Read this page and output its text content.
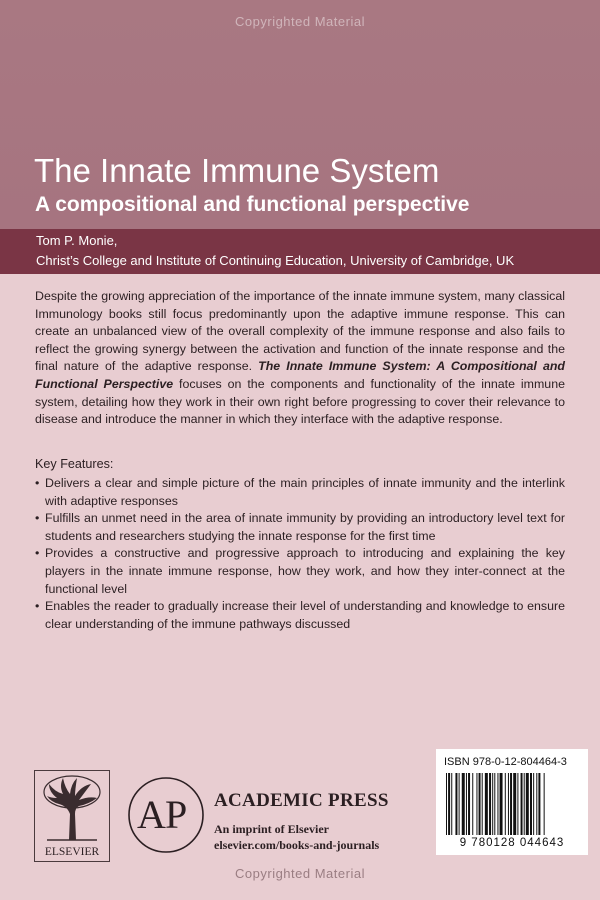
Copyrighted Material
The Innate Immune System
A compositional and functional perspective
Tom P. Monie,
Christ’s College and Institute of Continuing Education, University of Cambridge, UK

Despite the growing appreciation of the importance of the innate immune system, many classical Immunology books still focus predominantly upon the adaptive immune response. This can create an unbalanced view of the overall complexity of the immune response and also fails to reflect the growing synergy between the activation and function of the innate response and the final nature of the adaptive response. The Innate Immune System: A Compositional and Functional Perspective focuses on the components and functionality of the innate immune system, detailing how they work in their own right before progressing to cover their relevance to disease and introduce the manner in which they interface with the adaptive response.

Key Features:
• Delivers a clear and simple picture of the main principles of innate immunity and the interlink with adaptive responses
• Fulfills an unmet need in the area of innate immunity by providing an introductory level text for students and researchers studying the innate response for the first time
• Provides a constructive and progressive approach to introducing and explaining the key players in the innate immune response, how they work, and how they inter-connect at the functional level
• Enables the reader to gradually increase their level of understanding and knowledge to ensure clear understanding of the immune pathways discussed
ELSEVIER
A P ACADEMIC PRESS
An imprint of Elsevier
elsevier.com/books-and-journals
ISBN 978-0-12-804464-3
9 780128 044643
Copyrighted Material
